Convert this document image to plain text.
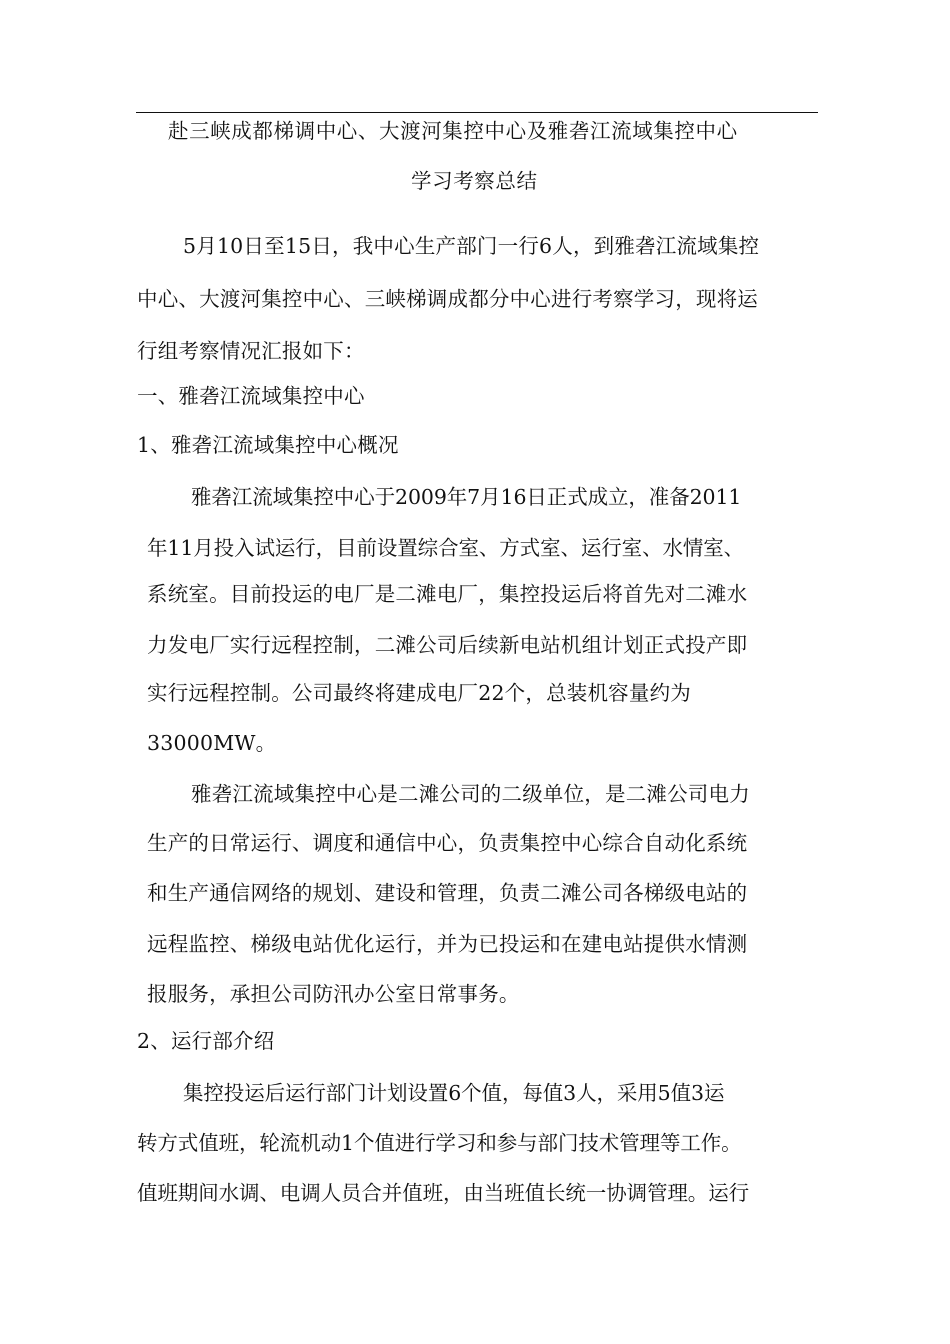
赴三峡成都梯调中心、大渡河集控中心及雅砻江流域集控中心
学习考察总结
5月10日至15日，我中心生产部门一行6人，到雅砻江流域集控
中心、大渡河集控中心、三峡梯调成都分中心进行考察学习，现将运
行组考察情况汇报如下：
一、雅砻江流域集控中心
1、雅砻江流域集控中心概况
雅砻江流域集控中心于2009年7月16日正式成立，准备2011
年11月投入试运行，目前设置综合室、方式室、运行室、水情室、
系统室。目前投运的电厂是二滩电厂，集控投运后将首先对二滩水
力发电厂实行远程控制，二滩公司后续新电站机组计划正式投产即
实行远程控制。公司最终将建成电厂22个，总装机容量约为
33000MW。
雅砻江流域集控中心是二滩公司的二级单位，是二滩公司电力
生产的日常运行、调度和通信中心，负责集控中心综合自动化系统
和生产通信网络的规划、建设和管理，负责二滩公司各梯级电站的
远程监控、梯级电站优化运行，并为已投运和在建电站提供水情测
报服务，承担公司防汛办公室日常事务。
2、运行部介绍
集控投运后运行部门计划设置6个值，每值3人，采用5值3运
转方式值班，轮流机动1个值进行学习和参与部门技术管理等工作。
值班期间水调、电调人员合并值班，由当班值长统一协调管理。运行
